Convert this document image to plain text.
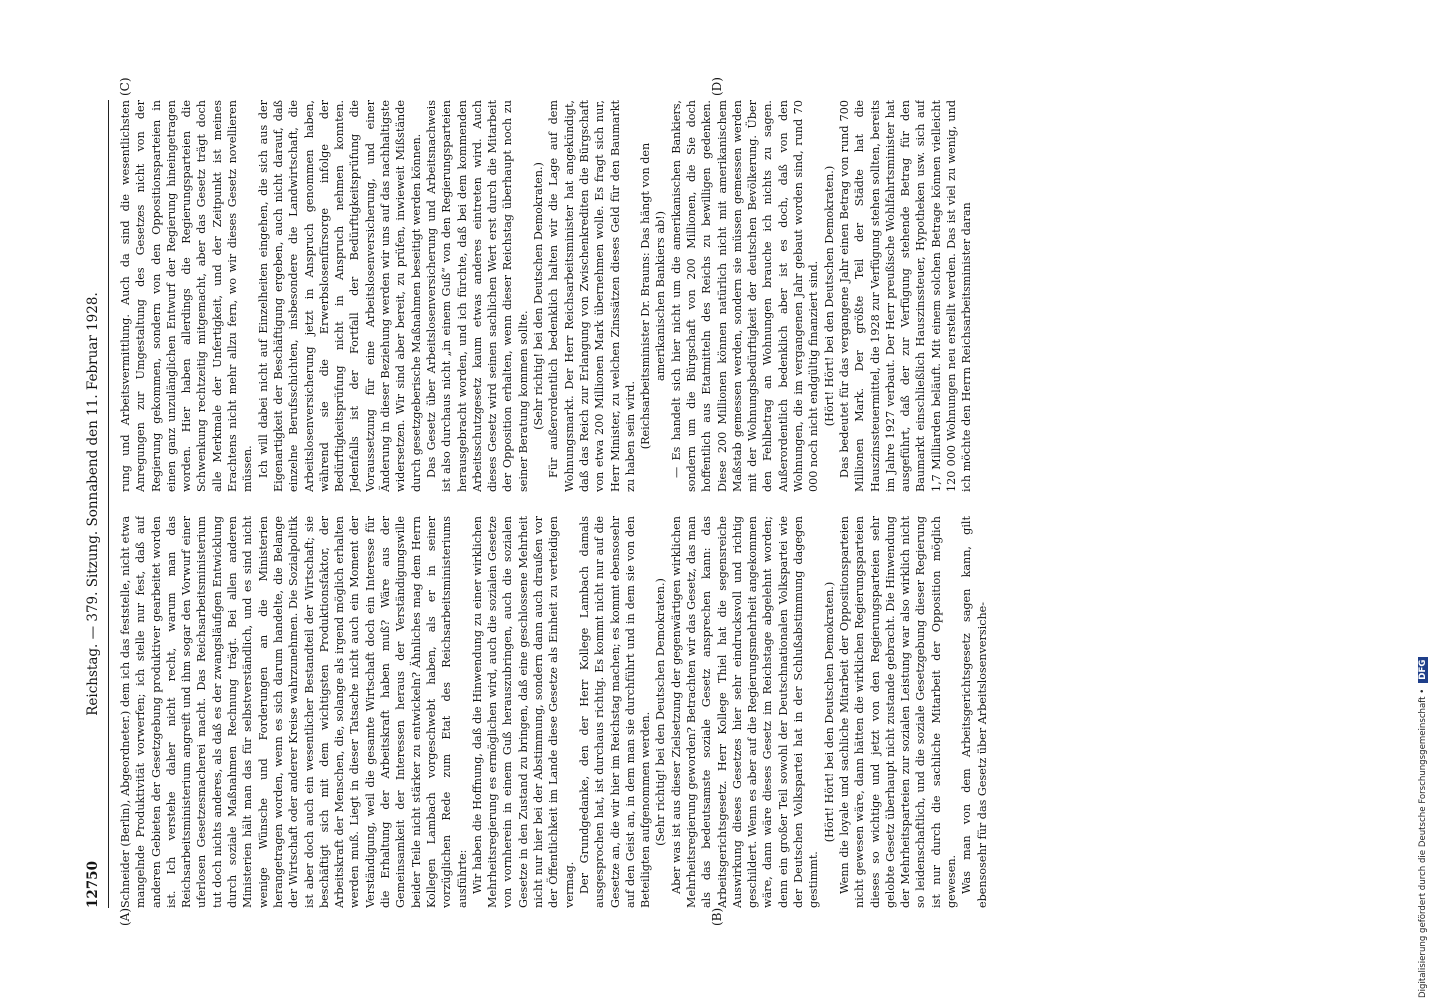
12750
Reichstag. — 379. Sitzung. Sonnabend den 11. Februar 1928.
(A)	(B)
(C)	(D)

Schneider (Berlin), Abgeordneter.) dem ich das feststelle, nicht etwa mangelnde Produktivität vorwerfen; ich stelle nur fest, daß auf anderen Gebieten der Gesetzgebung produktiver gearbeitet worden ist. Ich verstehe daher nicht recht, warum man das Reichsarbeitsministerium angreift und ihm sogar den Vorwurf einer uferlosen Gesetzesmacherei macht. Das Reichsarbeitsministerium tut doch nichts anderes, als daß es der zwangsläufigen Entwicklung durch soziale Maßnahmen Rechnung trägt. Bei allen anderen Ministerien hält man das für selbstverständlich, und es sind nicht wenige Wünsche und Forderungen an die Ministerien herangetragen worden, wenn es sich darum handelte, die Belange der Wirtschaft oder anderer Kreise wahrzunehmen. Die Sozialpolitik ist aber doch auch ein wesentlicher Bestandteil der Wirtschaft; sie beschäftigt sich mit dem wichtigsten Produktionsfaktor, der Arbeitskraft der Menschen, die, solange als irgend möglich erhalten werden muß. Liegt in dieser Tatsache nicht auch ein Moment der Verständigung, weil die gesamte Wirtschaft doch ein Interesse für die Erhaltung der Arbeitskraft haben muß? Wäre aus der Gemeinsamkeit der Interessen heraus der Verständigungswille beider Teile nicht stärker zu entwickeln? Ähnliches mag dem Herrn Kollegen Lambach vorgeschwebt haben, als er in seiner vorzüglichen Rede zum Etat des Reichsarbeitsministeriums ausführte: Wir haben die Hoffnung, daß die Hinwendung zu einer wirklichen Mehrheitsregierung es ermöglichen wird, auch die sozialen Gesetze von vornherein in einem Guß herauszubringen, auch die sozialen Gesetze in den Zustand zu bringen, daß eine geschlossene Mehrheit nicht nur hier bei der Abstimmung, sondern dann auch draußen vor der Öffentlichkeit im Lande diese Gesetze als Einheit zu verteidigen vermag. Der Grundgedanke, den der Herr Kollege Lambach damals ausgesprochen hat, ist durchaus richtig. Es kommt nicht nur auf die Gesetze an, die wir hier im Reichstag machen; es kommt ebensosehr auf den Geist an, in dem man sie durchführt und in dem sie von den Beteiligten aufgenommen werden. (Sehr richtig! bei den Deutschen Demokraten.) Aber was ist aus dieser Zielsetzung der gegenwärtigen wirklichen Mehrheitsregierung geworden? Betrachten wir das Gesetz, das man als das bedeutsamste soziale Gesetz ansprechen kann: das Arbeitsgerichtsgesetz. Herr Kollege Thiel hat die segensreiche Auswirkung dieses Gesetzes hier sehr eindrucksvoll und richtig geschildert. Wenn es aber auf die Regierungsmehrheit angekommen wäre, dann wäre dieses Gesetz im Reichstage abgelehnt worden; denn ein großer Teil sowohl der Deutschnationalen Volkspartei wie der Deutschen Volkspartei hat in der Schlußabstimmung dagegen gestimmt.

(Hört! Hört! bei den Deutschen Demokraten.) Wenn die loyale und sachliche Mitarbeit der Oppositionsparteien nicht gewesen wäre, dann hätten die wirklichen Regierungsparteien dieses so wichtige und jetzt von den Regierungsparteien sehr gelobte Gesetz überhaupt nicht zustande gebracht. Die Hinwendung der Mehrheitsparteien zur sozialen Leistung war also wirklich nicht so leidenschaftlich, und die soziale Gesetzgebung dieser Regierung ist nur durch die sachliche Mitarbeit der Opposition möglich gewesen. Was man von dem Arbeitsgerichtsgesetz sagen kann, gilt ebensosehr für das Gesetz über Arbeitslosenversiche-

rung und Arbeitsvermittlung. Auch da sind die wesentlichsten Anregungen zur Umgestaltung des Gesetzes nicht von der Regierung gekommen, sondern von den Oppositionsparteien in einen ganz unzulänglichen Entwurf der Regierung hineingetragen worden. Hier haben allerdings die Regierungsparteien die Schwenkung rechtzeitig mitgemacht, aber das Gesetz trägt doch alle Merkmale der Unfertigkeit, und der Zeitpunkt ist meines Erachtens nicht mehr allzu fern, wo wir dieses Gesetz novellieren müssen. Ich will dabei nicht auf Einzelheiten eingehen, die sich aus der Eigenartigkeit der Beschäftigung ergeben, auch nicht darauf, daß einzelne Berufsschichten, insbesondere die Landwirtschaft, die Arbeitslosenversicherung jetzt in Anspruch genommen haben, während sie die Erwerbslosenfürsorge infolge der Bedürftigkeitsprüfung nicht in Anspruch nehmen konnten. Jedenfalls ist der Fortfall der Bedürftigkeitsprüfung die Voraussetzung für eine Arbeitslosenversicherung, und einer Änderung in dieser Beziehung werden wir uns auf das nachhaltigste widersetzen. Wir sind aber bereit, zu prüfen, inwieweit Mißstände durch gesetzgeberische Maßnahmen beseitigt werden können. Das Gesetz über Arbeitslosenversicherung und Arbeitsnachweis ist also durchaus nicht „in einem Guß“ von den Regierungsparteien herausgebracht worden, und ich fürchte, daß bei dem kommenden Arbeitsschutzgesetz kaum etwas anderes eintreten wird. Auch dieses Gesetz wird seinen sachlichen Wert erst durch die Mitarbeit der Opposition erhalten, wenn dieser Reichstag überhaupt noch zu seiner Beratung kommen sollte. (Sehr richtig! bei den Deutschen Demokraten.) Für außerordentlich bedenklich halten wir die Lage auf dem Wohnungsmarkt. Der Herr Reichsarbeitsminister hat angekündigt, daß das Reich zur Erlangung von Zwischenkrediten die Bürgschaft von etwa 200 Millionen Mark übernehmen wolle. Es fragt sich nur, Herr Minister, zu welchen Zinssätzen dieses Geld für den Baumarkt zu haben sein wird. (Reichsarbeitsminister Dr. Brauns: Das hängt von den amerikanischen Bankiers ab!) — Es handelt sich hier nicht um die amerikanischen Bankiers, sondern um die Bürgschaft von 200 Millionen, die Sie doch hoffentlich aus Etatmitteln des Reichs zu bewilligen gedenken. Diese 200 Millionen können natürlich nicht mit amerikanischem Maßstab gemessen werden, sondern sie müssen gemessen werden mit der Wohnungsbedürftigkeit der deutschen Bevölkerung. Über den Fehlbetrag an Wohnungen brauche ich nichts zu sagen. Außerordentlich bedenklich aber ist es doch, daß von den Wohnungen, die im vergangenen Jahr gebaut worden sind, rund 70 000 noch nicht endgültig finanziert sind. (Hört! Hört! bei den Deutschen Demokraten.) Das bedeutet für das vergangene Jahr einen Betrag von rund 700 Millionen Mark. Der größte Teil der Städte hat die Hauszinssteuermittel, die 1928 zur Verfügung stehen sollten, bereits im Jahre 1927 verbaut. Der Herr preußische Wohlfahrtsminister hat ausgeführt, daß der zur Verfügung stehende Betrag für den Baumarkt einschließlich Hauszinssteuer, Hypotheken usw. sich auf 1,7 Milliarden beläuft. Mit einem solchen Betrage können vielleicht 120 000 Wohnungen neu erstellt werden. Das ist viel zu wenig, und ich möchte den Herrn Reichsarbeitsminister daran

Digitalisierung gefördert durch die Deutsche Forschungsgemeinschaft •DFG
